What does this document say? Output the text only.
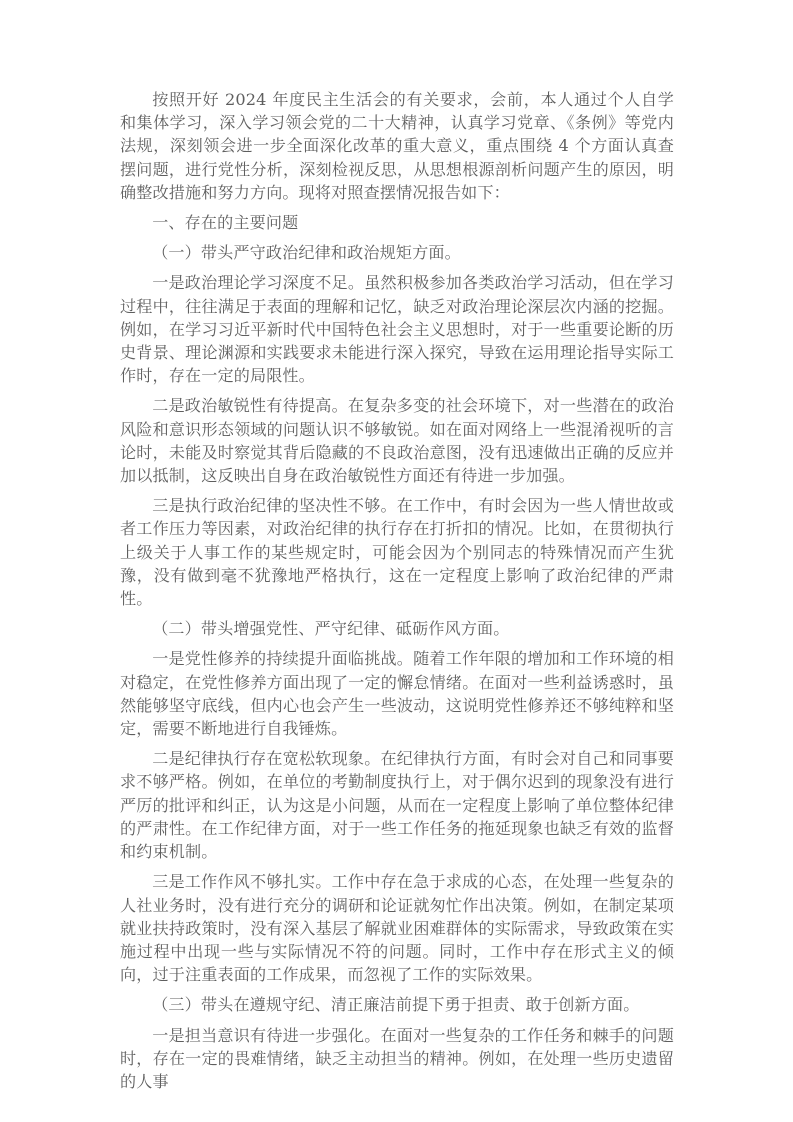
按照开好 2024 年度民主生活会的有关要求，会前，本人通过个人自学和集体学习，深入学习领会党的二十大精神，认真学习党章、《条例》等党内法规，深刻领会进一步全面深化改革的重大意义，重点围绕 4 个方面认真查摆问题，进行党性分析，深刻检视反思，从思想根源剖析问题产生的原因，明确整改措施和努力方向。现将对照查摆情况报告如下：

一、存在的主要问题

（一）带头严守政治纪律和政治规矩方面。

一是政治理论学习深度不足。虽然积极参加各类政治学习活动，但在学习过程中，往往满足于表面的理解和记忆，缺乏对政治理论深层次内涵的挖掘。例如，在学习习近平新时代中国特色社会主义思想时，对于一些重要论断的历史背景、理论渊源和实践要求未能进行深入探究，导致在运用理论指导实际工作时，存在一定的局限性。

二是政治敏锐性有待提高。在复杂多变的社会环境下，对一些潜在的政治风险和意识形态领域的问题认识不够敏锐。如在面对网络上一些混淆视听的言论时，未能及时察觉其背后隐藏的不良政治意图，没有迅速做出正确的反应并加以抵制，这反映出自身在政治敏锐性方面还有待进一步加强。

三是执行政治纪律的坚决性不够。在工作中，有时会因为一些人情世故或者工作压力等因素，对政治纪律的执行存在打折扣的情况。比如，在贯彻执行上级关于人事工作的某些规定时，可能会因为个别同志的特殊情况而产生犹豫，没有做到毫不犹豫地严格执行，这在一定程度上影响了政治纪律的严肃性。

（二）带头增强党性、严守纪律、砥砺作风方面。

一是党性修养的持续提升面临挑战。随着工作年限的增加和工作环境的相对稳定，在党性修养方面出现了一定的懈怠情绪。在面对一些利益诱惑时，虽然能够坚守底线，但内心也会产生一些波动，这说明党性修养还不够纯粹和坚定，需要不断地进行自我锤炼。

二是纪律执行存在宽松软现象。在纪律执行方面，有时会对自己和同事要求不够严格。例如，在单位的考勤制度执行上，对于偶尔迟到的现象没有进行严厉的批评和纠正，认为这是小问题，从而在一定程度上影响了单位整体纪律的严肃性。在工作纪律方面，对于一些工作任务的拖延现象也缺乏有效的监督和约束机制。

三是工作作风不够扎实。工作中存在急于求成的心态，在处理一些复杂的人社业务时，没有进行充分的调研和论证就匆忙作出决策。例如，在制定某项就业扶持政策时，没有深入基层了解就业困难群体的实际需求，导致政策在实施过程中出现一些与实际情况不符的问题。同时，工作中存在形式主义的倾向，过于注重表面的工作成果，而忽视了工作的实际效果。

（三）带头在遵规守纪、清正廉洁前提下勇于担责、敢于创新方面。

一是担当意识有待进一步强化。在面对一些复杂的工作任务和棘手的问题时，存在一定的畏难情绪，缺乏主动担当的精神。例如，在处理一些历史遗留的人事
